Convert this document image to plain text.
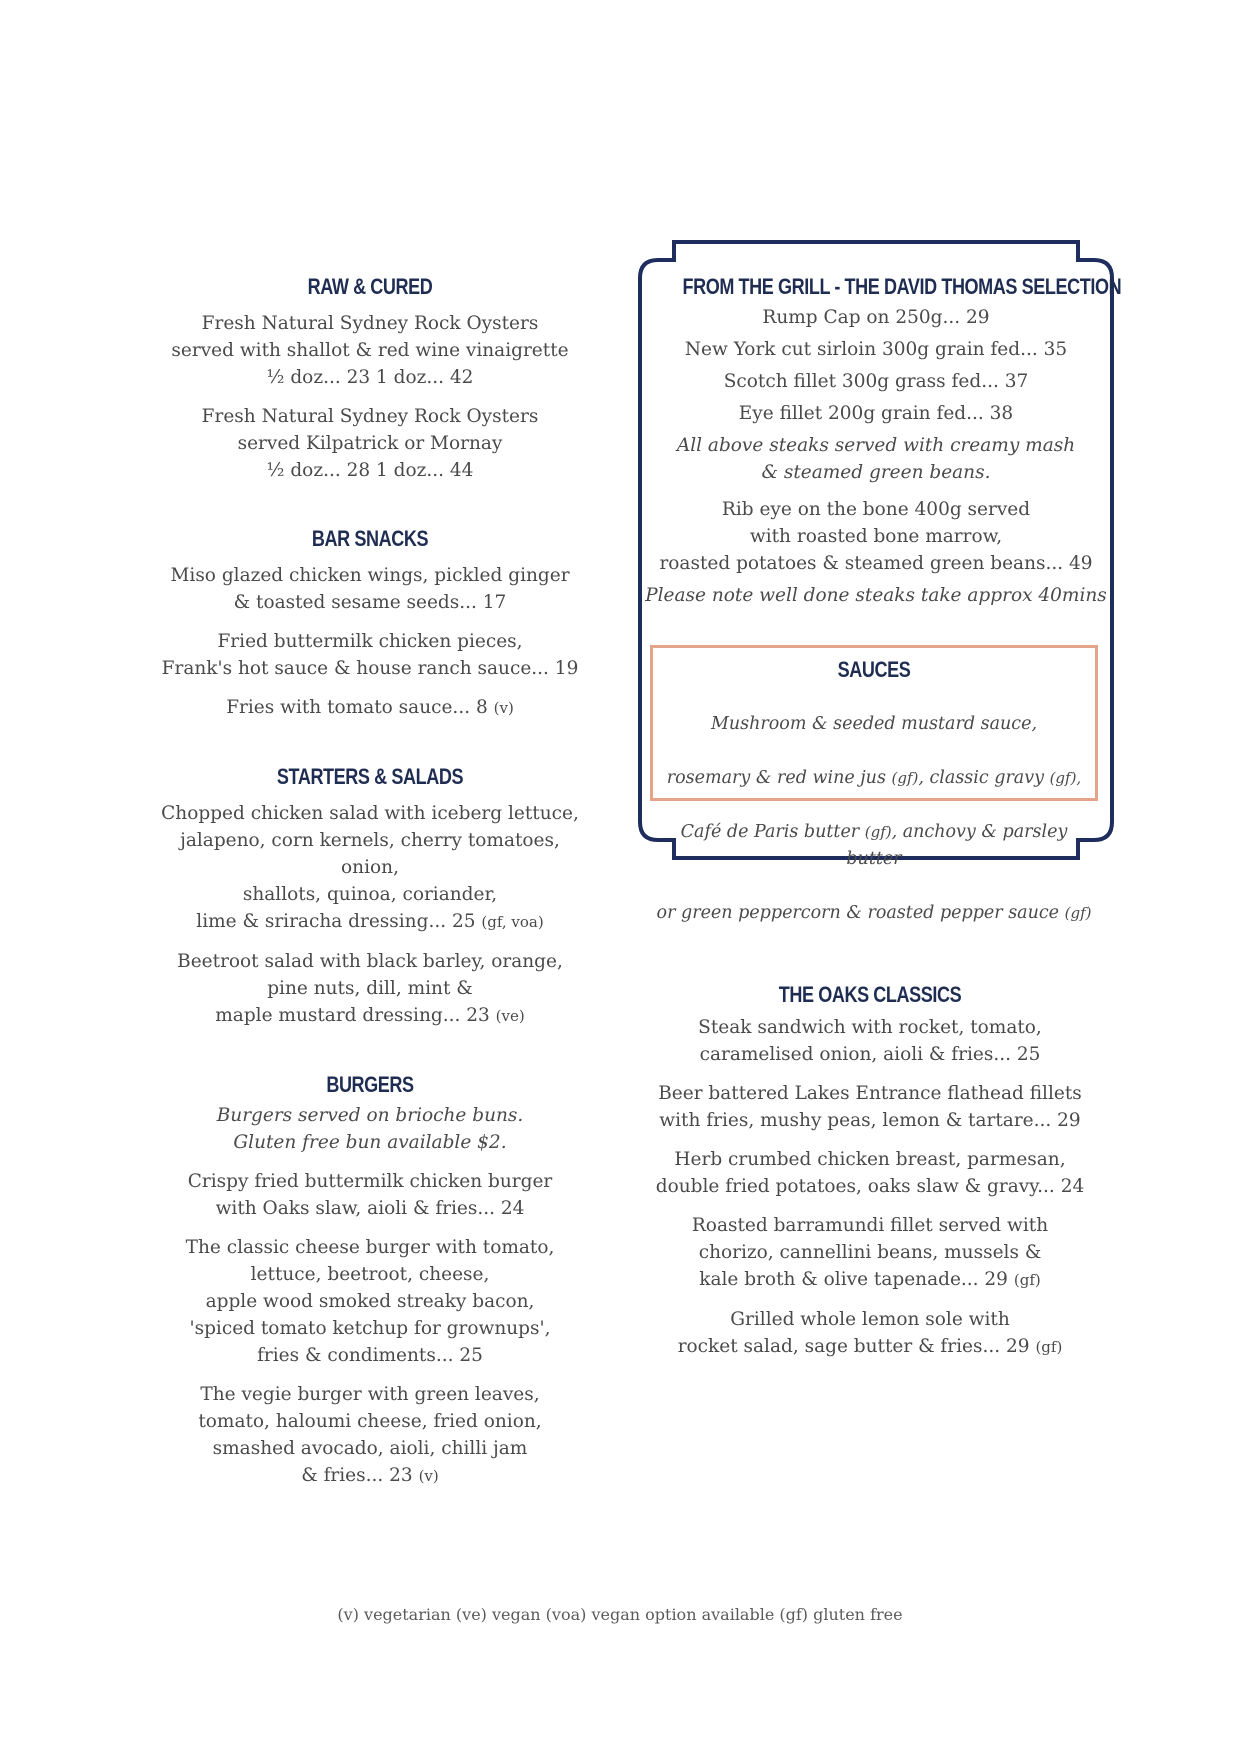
RAW & CURED
Fresh Natural Sydney Rock Oysters
served with shallot & red wine vinaigrette
½ doz... 23 1 doz... 42
Fresh Natural Sydney Rock Oysters
served Kilpatrick or Mornay
½ doz... 28 1 doz... 44
BAR SNACKS
Miso glazed chicken wings, pickled ginger
& toasted sesame seeds... 17
Fried buttermilk chicken pieces,
Frank's hot sauce & house ranch sauce... 19
Fries with tomato sauce... 8 (v)
STARTERS & SALADS
Chopped chicken salad with iceberg lettuce,
jalapeno, corn kernels, cherry tomatoes, onion,
shallots, quinoa, coriander,
lime & sriracha dressing... 25 (gf, voa)
Beetroot salad with black barley, orange,
pine nuts, dill, mint &
maple mustard dressing... 23 (ve)
BURGERS
Burgers served on brioche buns.
Gluten free bun available $2.
Crispy fried buttermilk chicken burger
with Oaks slaw, aioli & fries... 24
The classic cheese burger with tomato,
lettuce, beetroot, cheese,
apple wood smoked streaky bacon,
'spiced tomato ketchup for grownups',
fries & condiments... 25
The vegie burger with green leaves,
tomato, haloumi cheese, fried onion,
smashed avocado, aioli, chilli jam
& fries... 23 (v)
FROM THE GRILL - THE DAVID THOMAS SELECTION
Rump Cap on 250g... 29
New York cut sirloin 300g grain fed... 35
Scotch fillet 300g grass fed... 37
Eye fillet 200g grain fed... 38
All above steaks served with creamy mash
& steamed green beans.
Rib eye on the bone 400g served
with roasted bone marrow,
roasted potatoes & steamed green beans... 49
Please note well done steaks take approx 40mins
SAUCES

Mushroom & seeded mustard sauce,

rosemary & red wine jus (gf), classic gravy (gf),

Café de Paris butter (gf), anchovy & parsley butter

or green peppercorn & roasted pepper sauce (gf)

THE OAKS CLASSICS
Steak sandwich with rocket, tomato,
caramelised onion, aioli & fries... 25
Beer battered Lakes Entrance flathead fillets
with fries, mushy peas, lemon & tartare... 29
Herb crumbed chicken breast, parmesan,
double fried potatoes, oaks slaw & gravy... 24
Roasted barramundi fillet served with
chorizo, cannellini beans, mussels &
kale broth & olive tapenade... 29 (gf)
Grilled whole lemon sole with
rocket salad, sage butter & fries... 29 (gf)
(v) vegetarian (ve) vegan (voa) vegan option available (gf) gluten free
